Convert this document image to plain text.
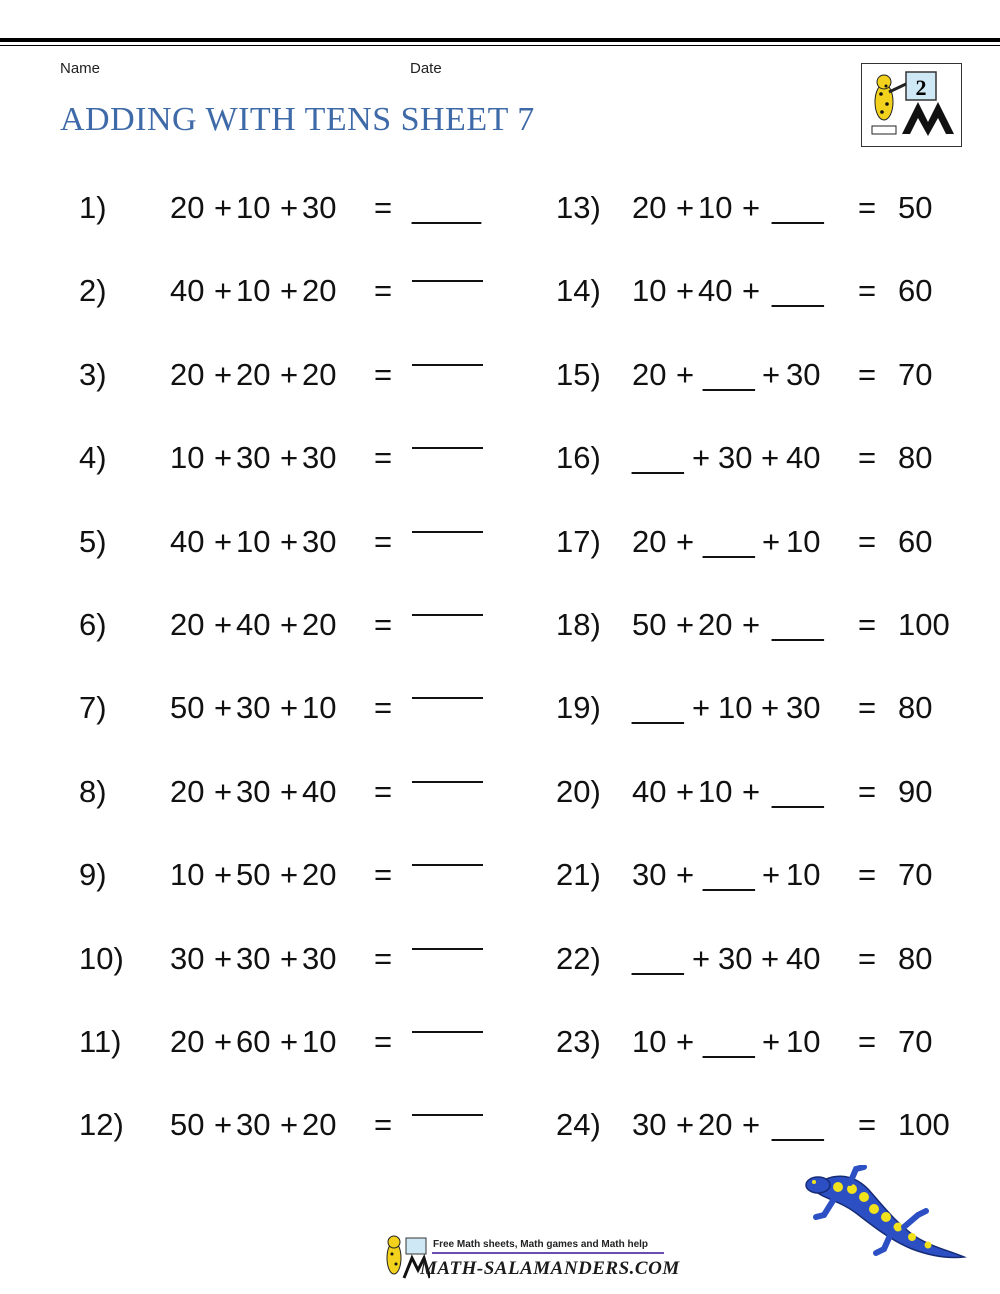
Name	Date
ADDING WITH TENS SHEET 7
2
1) 20 + 10 + 30 = ____
2) 40 + 10 + 20 =
3) 20 + 20 + 20 =
4) 10 + 30 + 30 =
5) 40 + 10 + 30 =
6) 20 + 40 + 20 =
7) 50 + 30 + 10 =
8) 20 + 30 + 40 =
9) 10 + 50 + 20 =
10) 30 + 30 + 30 =
11) 20 + 60 + 10 =
12) 50 + 30 + 20 =
13) 20 + 10 + ___ = 50
14) 10 + 40 + ___ = 60
15) 20 + ___ + 30 = 70
16) ___ + 30 + 40 = 80
17) 20 + ___ + 10 = 60
18) 50 + 20 + ___ = 100
19) ___ + 10 + 30 = 80
20) 40 + 10 + ___ = 90
21) 30 + ___ + 10 = 70
22) ___ + 30 + 40 = 80
23) 10 + ___ + 10 = 70
24) 30 + 20 + ___ = 100
Free Math sheets, Math games and Math help
MATH-SALAMANDERS.COM
